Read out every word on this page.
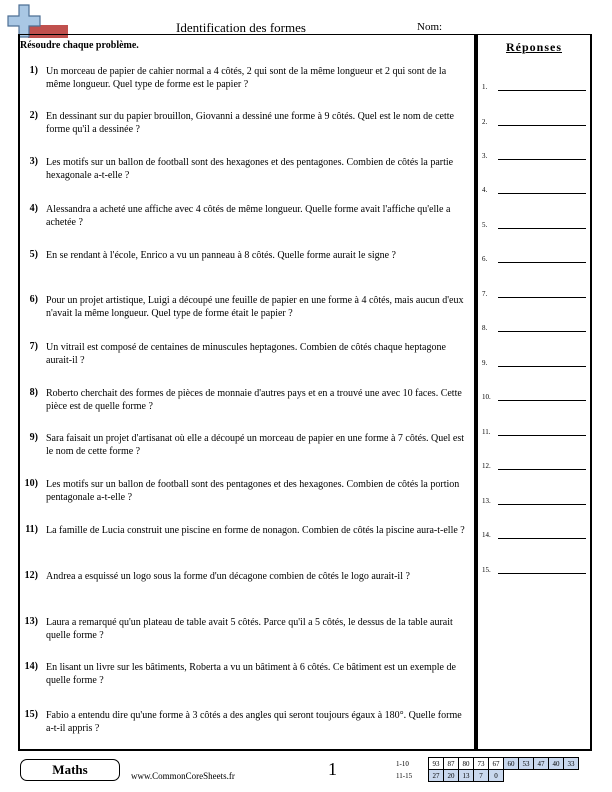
Identification des formes	Nom:
Résoudre chaque problème.
1) Un morceau de papier de cahier normal a 4 côtés, 2 qui sont de la même longueur et 2 qui sont de la même longueur. Quel type de forme est le papier ?
2) En dessinant sur du papier brouillon, Giovanni a dessiné une forme à 9 côtés. Quel est le nom de cette forme qu'il a dessinée ?
3) Les motifs sur un ballon de football sont des hexagones et des pentagones. Combien de côtés la partie hexagonale a-t-elle ?
4) Alessandra a acheté une affiche avec 4 côtés de même longueur. Quelle forme avait l'affiche qu'elle a achetée ?
5) En se rendant à l'école, Enrico a vu un panneau à 8 côtés. Quelle forme aurait le signe ?
6) Pour un projet artistique, Luigi a découpé une feuille de papier en une forme à 4 côtés, mais aucun d'eux n'avait la même longueur. Quel type de forme était le papier ?
7) Un vitrail est composé de centaines de minuscules heptagones. Combien de côtés chaque heptagone aurait-il ?
8) Roberto cherchait des formes de pièces de monnaie d'autres pays et en a trouvé une avec 10 faces. Cette pièce est de quelle forme ?
9) Sara faisait un projet d'artisanat où elle a découpé un morceau de papier en une forme à 7 côtés. Quel est le nom de cette forme ?
10) Les motifs sur un ballon de football sont des pentagones et des hexagones. Combien de côtés la portion pentagonale a-t-elle ?
11) La famille de Lucia construit une piscine en forme de nonagon. Combien de côtés la piscine aura-t-elle ?
12) Andrea a esquissé un logo sous la forme d'un décagone combien de côtés le logo aurait-il ?
13) Laura a remarqué qu'un plateau de table avait 5 côtés. Parce qu'il a 5 côtés, le dessus de la table aurait quelle forme ?
14) En lisant un livre sur les bâtiments, Roberta a vu un bâtiment à 6 côtés. Ce bâtiment est un exemple de quelle forme ?
15) Fabio a entendu dire qu'une forme à 3 côtés a des angles qui seront toujours égaux à 180°. Quelle forme a-t-il appris ?
Réponses
1.
2.
3.
4.
5.
6.
7.
8.
9.
10.
11.
12.
13.
14.
15.
Maths	www.CommonCoreSheets.fr	1	1-10	93	87	80	73	67	60	53	47	40	33
11-15	27	20	13	7	0					
